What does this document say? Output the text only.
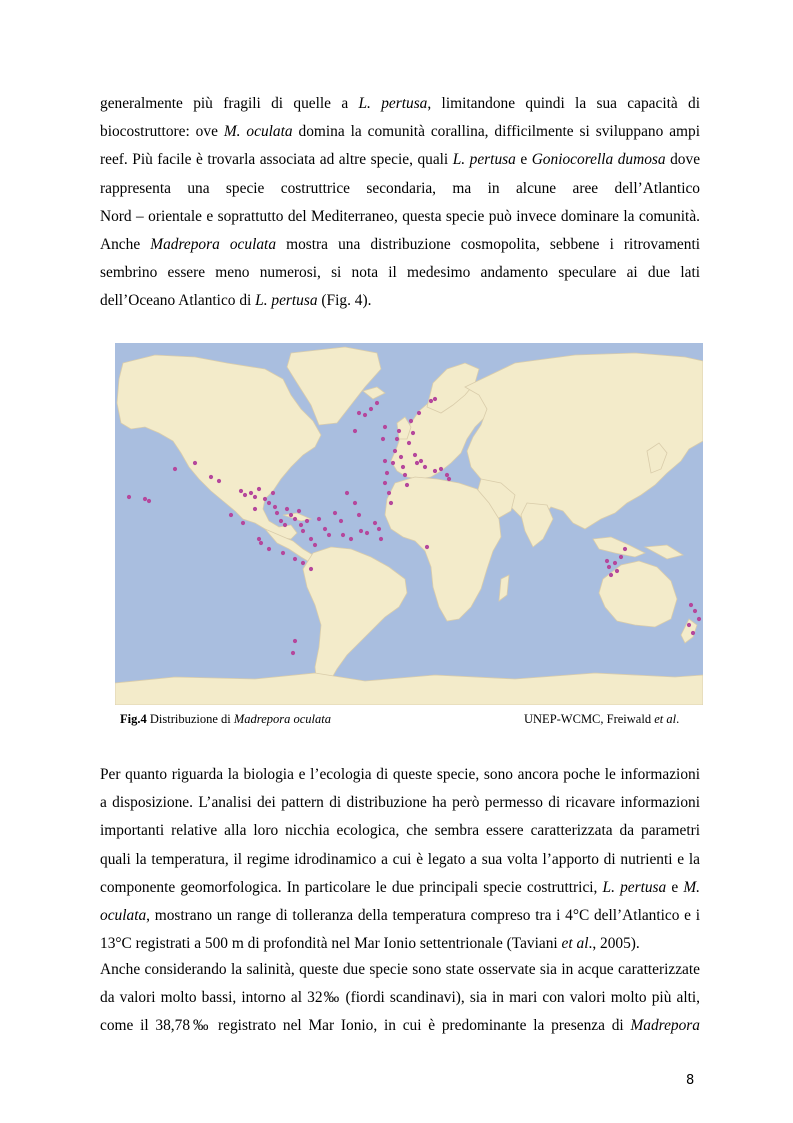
generalmente più fragili di quelle a L. pertusa, limitandone quindi la sua capacità di
biocostruttore: ove M. oculata domina la comunità corallina, difficilmente si sviluppano ampi
reef. Più facile è trovarla associata ad altre specie, quali L. pertusa e Goniocorella dumosa dove
rappresenta una specie costruttrice secondaria, ma in alcune aree dell’Atlantico
Nord – orientale e soprattutto del Mediterraneo, questa specie può invece dominare la comunità.
Anche Madrepora oculata mostra una distribuzione cosmopolita, sebbene i ritrovamenti
sembrino essere meno numerosi, si nota il medesimo andamento speculare ai due lati
dell’Oceano Atlantico di L. pertusa (Fig. 4).

Fig.4 Distribuzione di Madrepora oculata	UNEP-WCMC, Freiwald et al.

Per quanto riguarda la biologia e l’ecologia di queste specie, sono ancora poche le informazioni
a disposizione. L’analisi dei pattern di distribuzione ha però permesso di ricavare informazioni
importanti relative alla loro nicchia ecologica, che sembra essere caratterizzata da parametri
quali la temperatura, il regime idrodinamico a cui è legato a sua volta l’apporto di nutrienti e la
componente geomorfologica. In particolare le due principali specie costruttrici, L. pertusa e M.
oculata, mostrano un range di tolleranza della temperatura compreso tra i 4°C dell’Atlantico e i
13°C registrati a 500 m di profondità nel Mar Ionio settentrionale (Taviani et al., 2005).

Anche considerando la salinità, queste due specie sono state osservate sia in acque caratterizzate
da valori molto bassi, intorno al 32‰ (fiordi scandinavi), sia in mari con valori molto più alti,
come il 38,78‰ registrato nel Mar Ionio, in cui è predominante la presenza di Madrepora

8
